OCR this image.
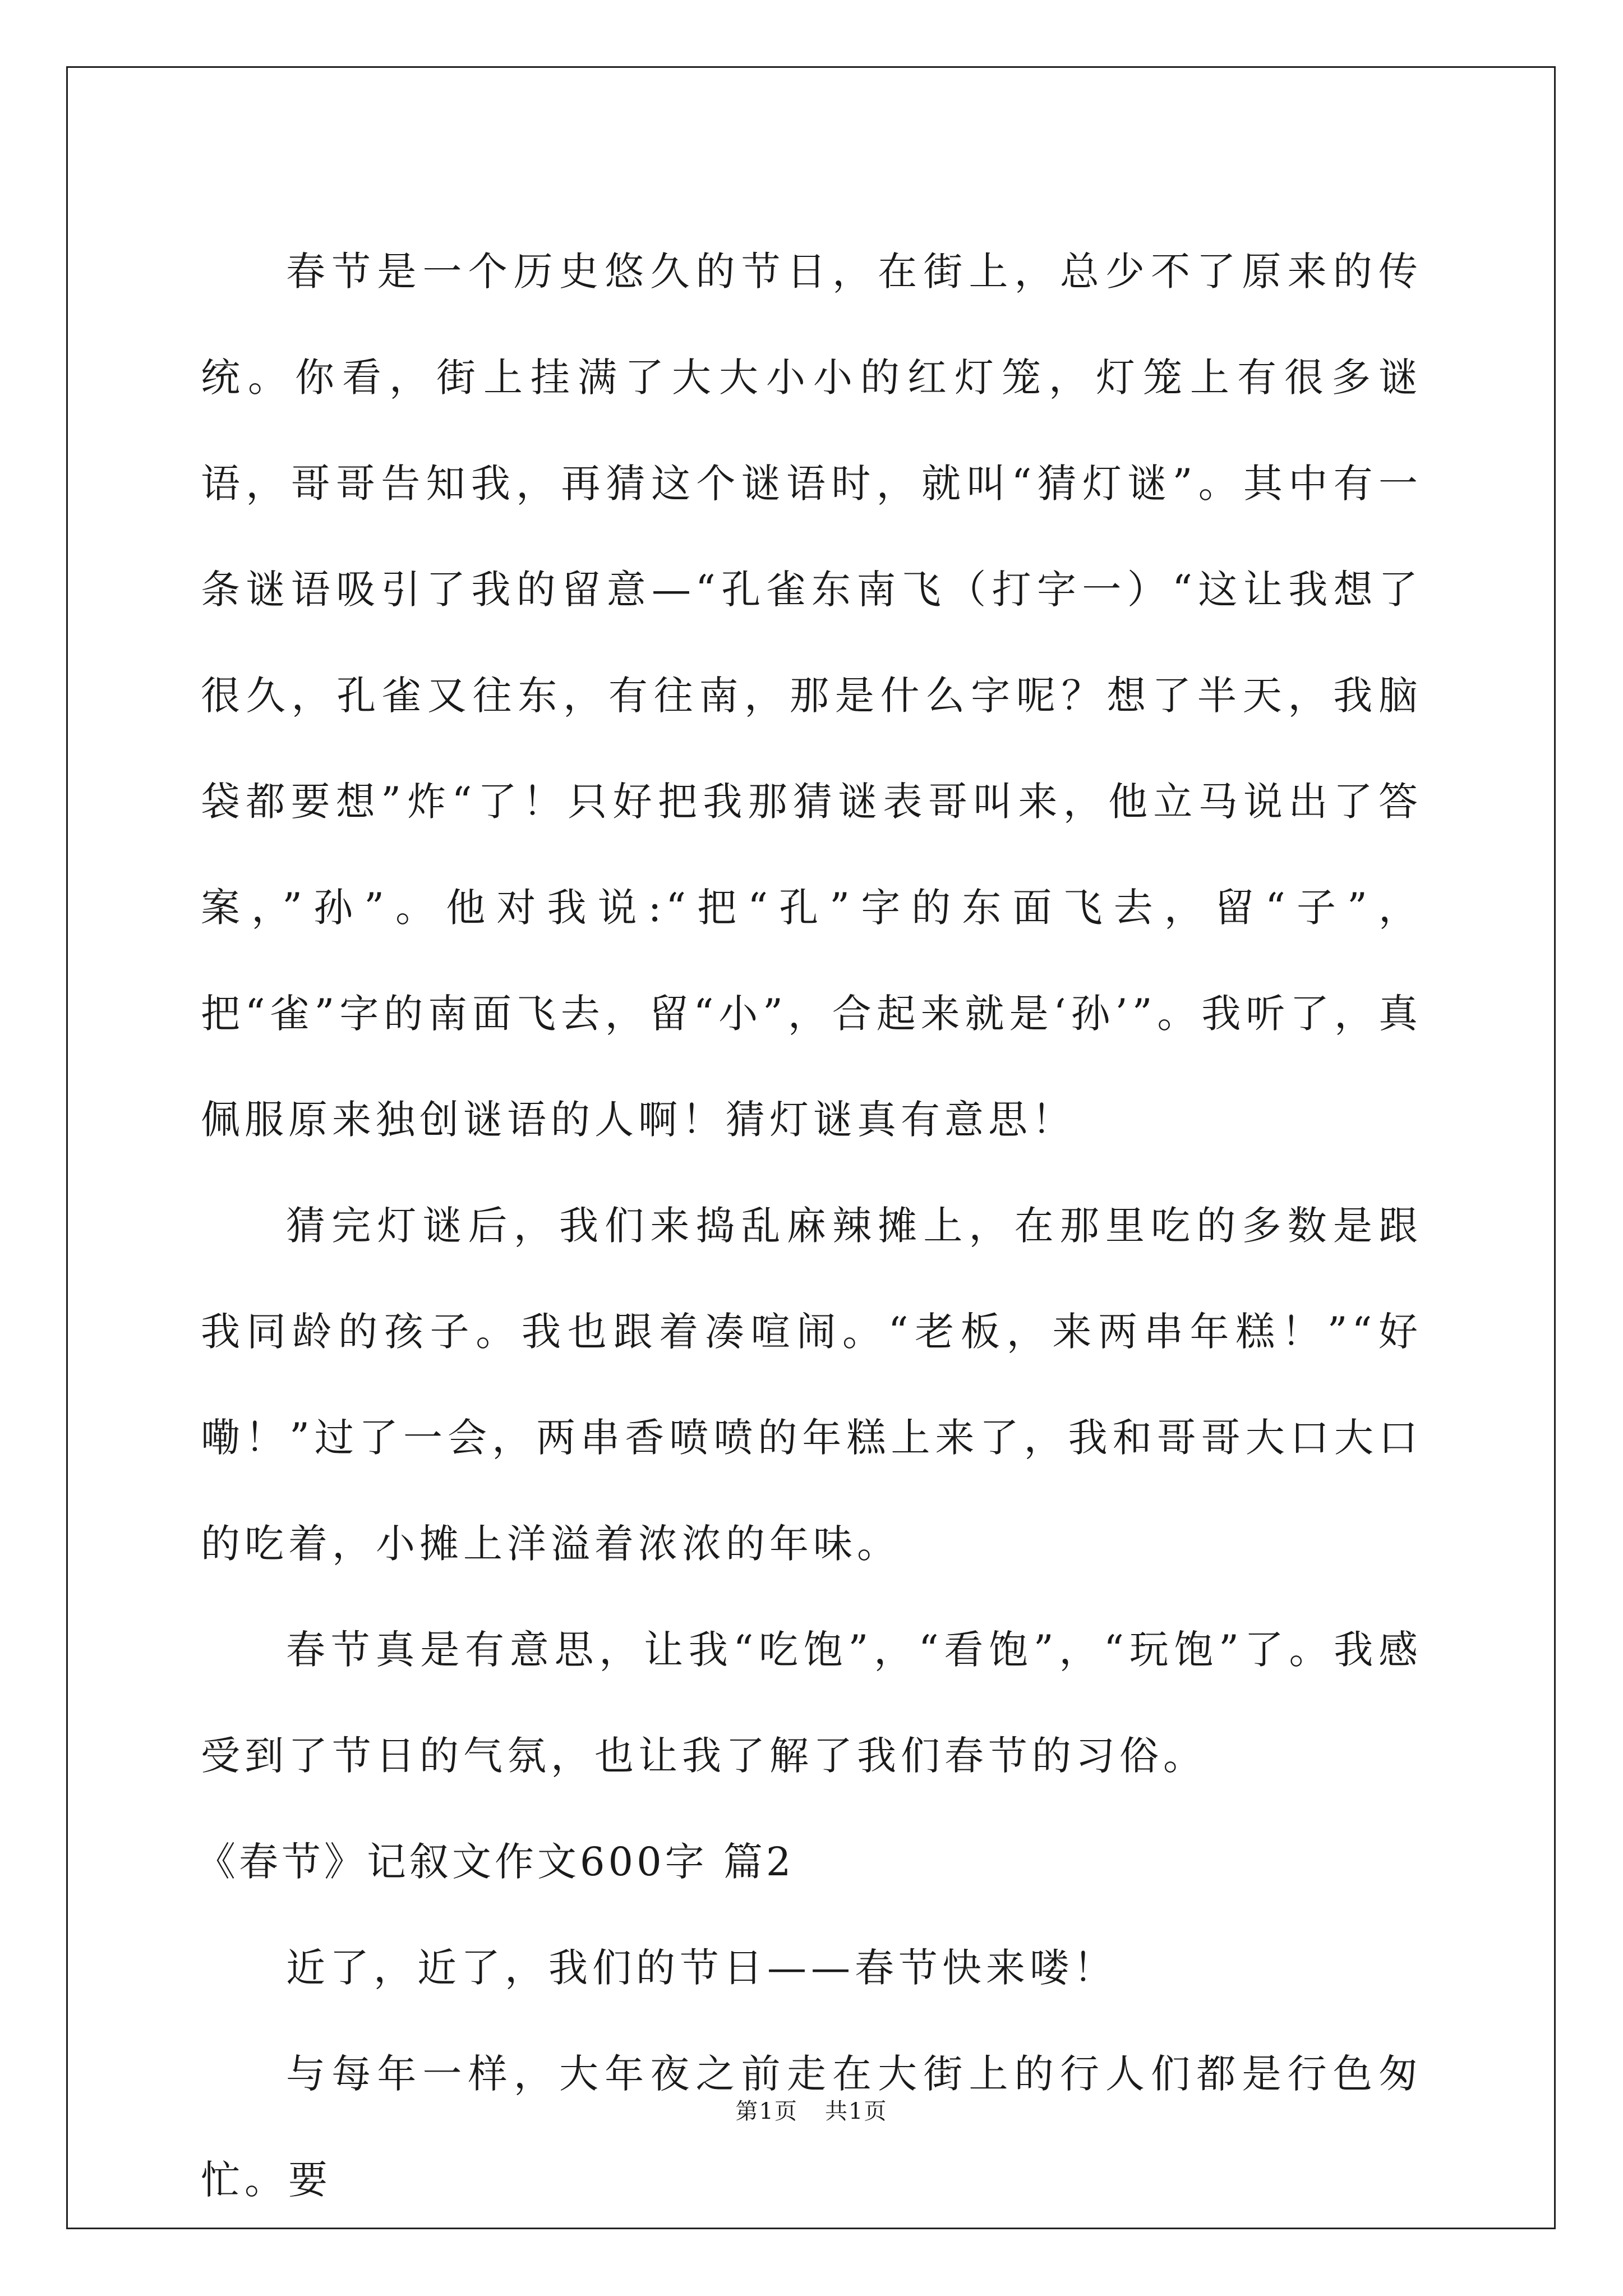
春节是一个历史悠久的节日，在街上，总少不了原来的传统。你看，街上挂满了大大小小的红灯笼，灯笼上有很多谜语，哥哥告知我，再猜这个谜语时，就叫“猜灯谜”。其中有一条谜语吸引了我的留意—“孔雀东南飞（打字一）“这让我想了很久，孔雀又往东，有往南，那是什么字呢？想了半天，我脑袋都要想”炸“了！只好把我那猜谜表哥叫来，他立马说出了答案，”孙”。他对我说:“把“孔”字的东面飞去，留“子”，把“雀”字的南面飞去，留“小”，合起来就是‘孙’”。我听了，真佩服原来独创谜语的人啊！猜灯谜真有意思！

猜完灯谜后，我们来捣乱麻辣摊上，在那里吃的多数是跟我同龄的孩子。我也跟着凑喧闹。“老板，来两串年糕！”“好嘞！”过了一会，两串香喷喷的年糕上来了，我和哥哥大口大口的吃着，小摊上洋溢着浓浓的年味。

春节真是有意思，让我“吃饱”，“看饱”，“玩饱”了。我感受到了节日的气氛，也让我了解了我们春节的习俗。

《春节》记叙文作文600字 篇2

近了，近了，我们的节日——春节快来喽！

与每年一样，大年夜之前走在大街上的行人们都是行色匆忙。要

第1页 共1页
